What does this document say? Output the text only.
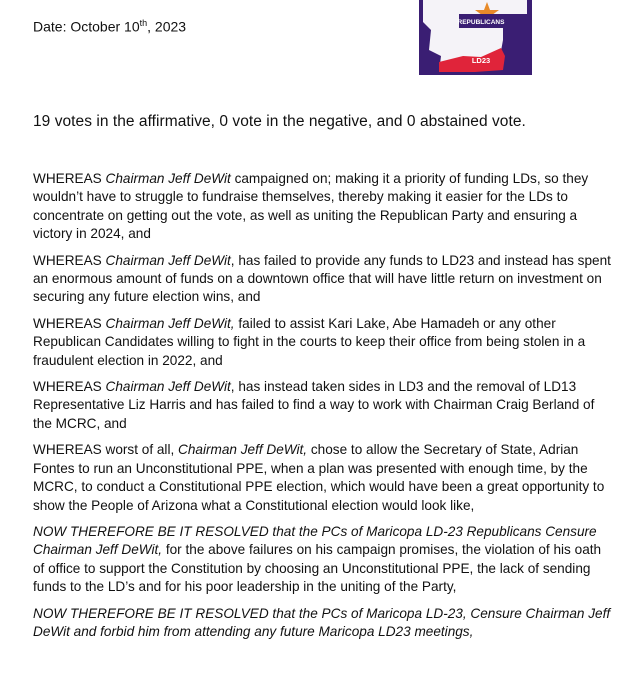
Date: October 10th, 2023	REPUBLICANS
LD23
19 votes in the affirmative, 0 vote in the negative, and 0 abstained vote.

WHEREAS Chairman Jeff DeWit campaigned on; making it a priority of funding LDs, so they wouldn’t have to struggle to fundraise themselves, thereby making it easier for the LDs to concentrate on getting out the vote, as well as uniting the Republican Party and ensuring a victory in 2024, and

WHEREAS Chairman Jeff DeWit, has failed to provide any funds to LD23 and instead has spent an enormous amount of funds on a downtown office that will have little return on investment on securing any future election wins, and

WHEREAS Chairman Jeff DeWit, failed to assist Kari Lake, Abe Hamadeh or any other Republican Candidates willing to fight in the courts to keep their office from being stolen in a fraudulent election in 2022, and

WHEREAS Chairman Jeff DeWit, has instead taken sides in LD3 and the removal of LD13 Representative Liz Harris and has failed to find a way to work with Chairman Craig Berland of the MCRC, and

WHEREAS worst of all, Chairman Jeff DeWit, chose to allow the Secretary of State, Adrian Fontes to run an Unconstitutional PPE, when a plan was presented with enough time, by the MCRC, to conduct a Constitutional PPE election, which would have been a great opportunity to show the People of Arizona what a Constitutional election would look like,

NOW THEREFORE BE IT RESOLVED that the PCs of Maricopa LD-23 Republicans Censure Chairman Jeff DeWit, for the above failures on his campaign promises, the violation of his oath of office to support the Constitution by choosing an Unconstitutional PPE, the lack of sending funds to the LD’s and for his poor leadership in the uniting of the Party,

NOW THEREFORE BE IT RESOLVED that the PCs of Maricopa LD-23, Censure Chairman Jeff DeWit and forbid him from attending any future Maricopa LD23 meetings,
